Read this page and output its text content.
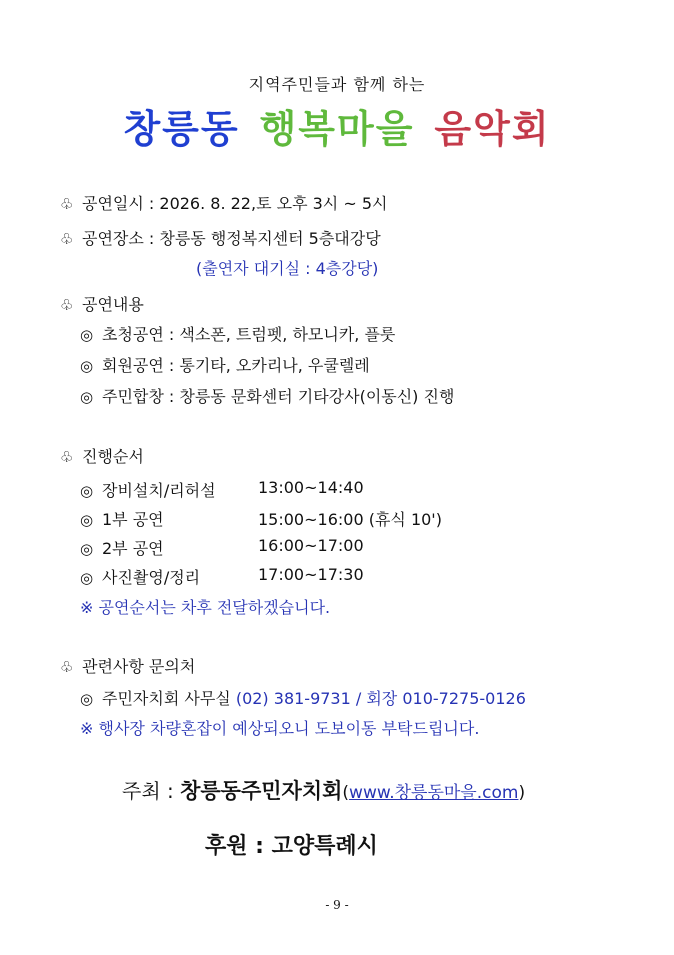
지역주민들과 함께 하는
창릉동 행복마을 음악회
♧ 공연일시 : 2026. 8. 22,토 오후 3시 ~ 5시
♧ 공연장소 : 창릉동 행정복지센터 5층대강당
(출연자 대기실 : 4층강당)
♧ 공연내용
◎ 초청공연 : 색소폰, 트럼펫, 하모니카, 플룻
◎ 회원공연 : 통기타, 오카리나, 우쿨렐레
◎ 주민합창 : 창릉동 문화센터 기타강사(이동신) 진행
♧ 진행순서
◎ 장비설치/리허설	13:00~14:40
◎ 1부 공연	15:00~16:00 (휴식 10')
◎ 2부 공연	16:00~17:00
◎ 사진촬영/정리	17:00~17:30
※ 공연순서는 차후 전달하겠습니다.
♧ 관련사항 문의처
◎ 주민자치회 사무실 (02) 381-9731 / 회장 010-7275-0126
※ 행사장 차량혼잡이 예상되오니 도보이동 부탁드립니다.
주최 : 창릉동주민자치회(www.창릉동마을.com)
후원 : 고양특례시
- 9 -
